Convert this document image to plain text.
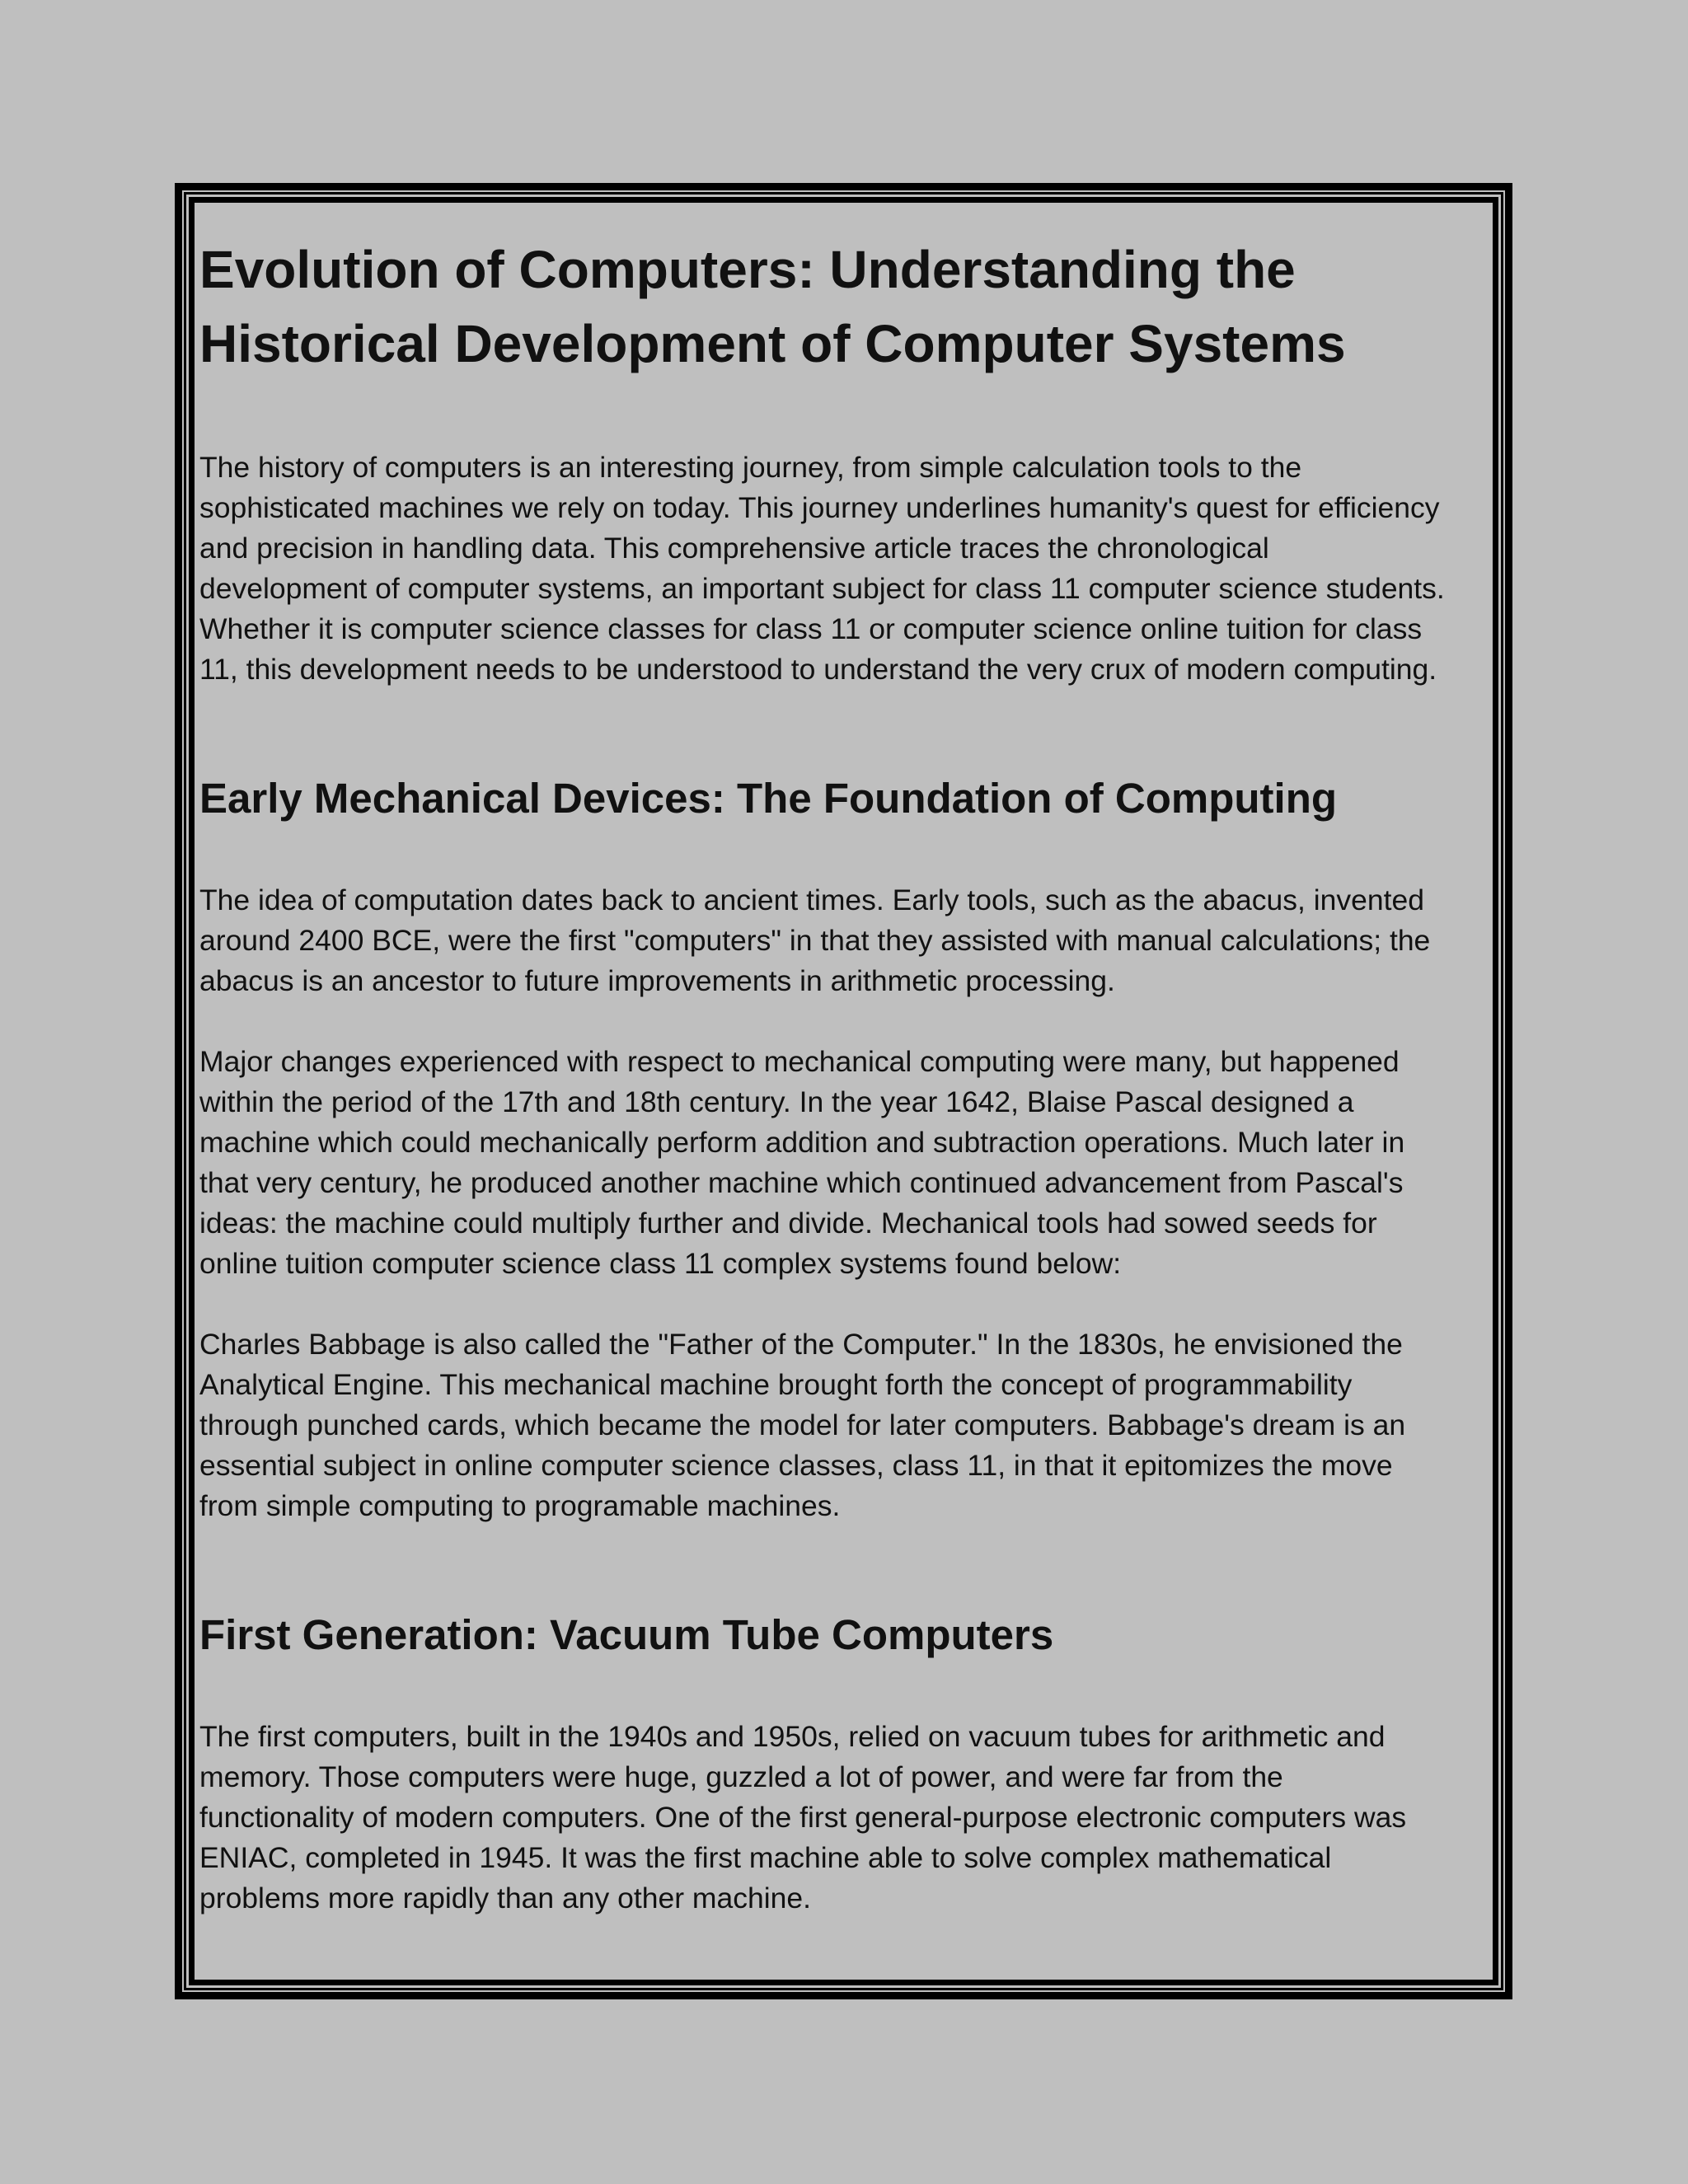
Evolution of Computers: Understanding the
Historical Development of Computer Systems

The history of computers is an interesting journey, from simple calculation tools to the
sophisticated machines we rely on today. This journey underlines humanity's quest for efficiency
and precision in handling data. This comprehensive article traces the chronological
development of computer systems, an important subject for class 11 computer science students.
Whether it is computer science classes for class 11 or computer science online tuition for class
11, this development needs to be understood to understand the very crux of modern computing.

Early Mechanical Devices: The Foundation of Computing

The idea of computation dates back to ancient times. Early tools, such as the abacus, invented
around 2400 BCE, were the first "computers" in that they assisted with manual calculations; the
abacus is an ancestor to future improvements in arithmetic processing.

Major changes experienced with respect to mechanical computing were many, but happened
within the period of the 17th and 18th century. In the year 1642, Blaise Pascal designed a
machine which could mechanically perform addition and subtraction operations. Much later in
that very century, he produced another machine which continued advancement from Pascal's
ideas: the machine could multiply further and divide. Mechanical tools had sowed seeds for
online tuition computer science class 11 complex systems found below:

Charles Babbage is also called the "Father of the Computer." In the 1830s, he envisioned the
Analytical Engine. This mechanical machine brought forth the concept of programmability
through punched cards, which became the model for later computers. Babbage's dream is an
essential subject in online computer science classes, class 11, in that it epitomizes the move
from simple computing to programable machines.

First Generation: Vacuum Tube Computers

The first computers, built in the 1940s and 1950s, relied on vacuum tubes for arithmetic and
memory. Those computers were huge, guzzled a lot of power, and were far from the
functionality of modern computers. One of the first general-purpose electronic computers was
ENIAC, completed in 1945. It was the first machine able to solve complex mathematical
problems more rapidly than any other machine.
